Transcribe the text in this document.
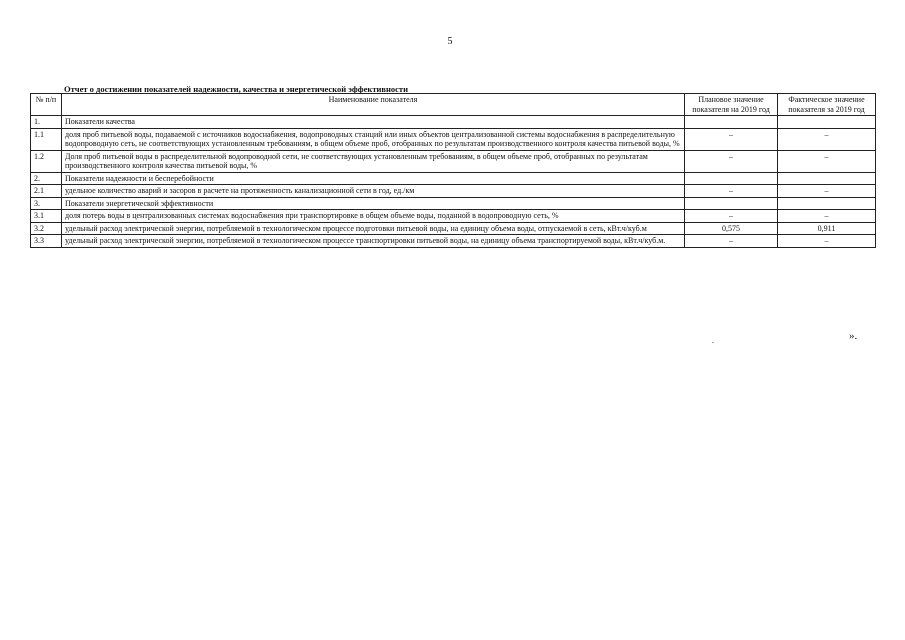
5
Отчет о достижении показателей надежности, качества и энергетической эффективности
№ п/п	Наименование показателя	Плановое значение показателя на 2019 год	Фактическое значение показателя за 2019 год
1.	Показатели качества		
1.1	доля проб питьевой воды, подаваемой с источников водоснабжения, водопроводных станций или иных объектов централизованной системы водоснабжения в распределительную водопроводную сеть, не соответствующих установленным требованиям, в общем объеме проб, отобранных по результатам производственного контроля качества питьевой воды, %	–	–
1.2	Доля проб питьевой воды в распределительной водопроводной сети, не соответствующих установленным требованиям, в общем объеме проб, отобранных по результатам производственного контроля качества питьевой воды, %	–	–
2.	Показатели надежности и бесперебойности		
2.1	удельное количество аварий и засоров в расчете на протяженность канализационной сети в год, ед./км	–	–
3.	Показатели энергетической эффективности		
3.1	доля потерь воды в централизованных системах водоснабжения при транспортировке в общем объеме воды, поданной в водопроводную сеть, %	–	–
3.2	удельный расход электрической энергии, потребляемой в технологическом процессе подготовки питьевой воды, на единицу объема воды, отпускаемой в сеть, кВт.ч/куб.м	0,575	0,911
3.3	удельный расход электрической энергии, потребляемой в технологическом процессе транспортировки питьевой воды, на единицу объема транспортируемой воды, кВт.ч/куб.м.	–	–
.	».
